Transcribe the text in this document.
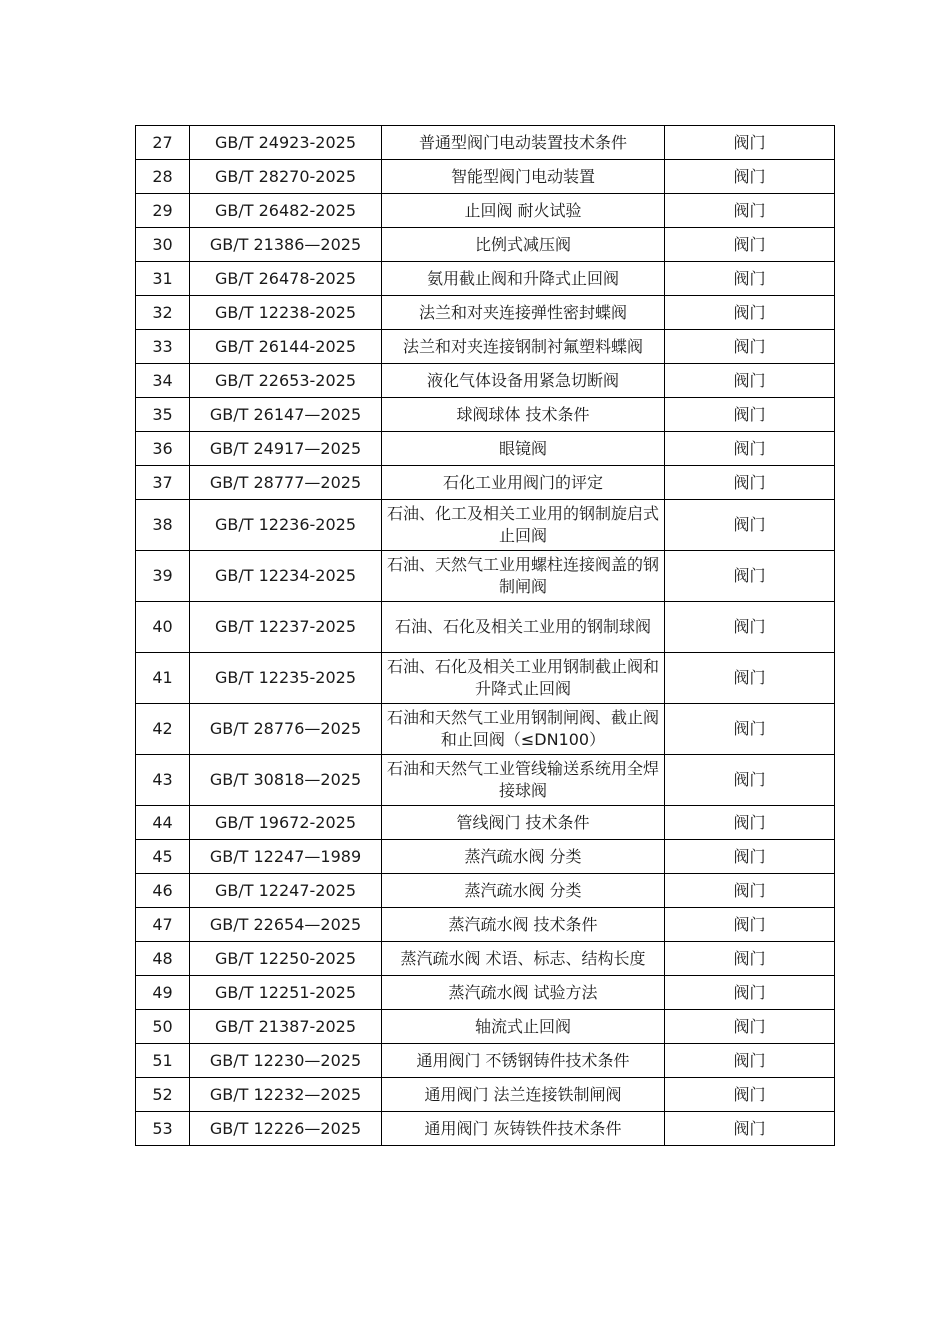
27	GB/T 24923-2025	普通型阀门电动装置技术条件	阀门
28	GB/T 28270-2025	智能型阀门电动装置	阀门
29	GB/T 26482-2025	止回阀 耐火试验	阀门
30	GB/T 21386—2025	比例式减压阀	阀门
31	GB/T 26478-2025	氨用截止阀和升降式止回阀	阀门
32	GB/T 12238-2025	法兰和对夹连接弹性密封蝶阀	阀门
33	GB/T 26144-2025	法兰和对夹连接钢制衬氟塑料蝶阀	阀门
34	GB/T 22653-2025	液化气体设备用紧急切断阀	阀门
35	GB/T 26147—2025	球阀球体 技术条件	阀门
36	GB/T 24917—2025	眼镜阀	阀门
37	GB/T 28777—2025	石化工业用阀门的评定	阀门
38	GB/T 12236-2025	石油、化工及相关工业用的钢制旋启式止回阀	阀门
39	GB/T 12234-2025	石油、天然气工业用螺柱连接阀盖的钢制闸阀	阀门
40	GB/T 12237-2025	石油、石化及相关工业用的钢制球阀	阀门
41	GB/T 12235-2025	石油、石化及相关工业用钢制截止阀和升降式止回阀	阀门
42	GB/T 28776—2025	石油和天然气工业用钢制闸阀、截止阀和止回阀（≤DN100）	阀门
43	GB/T 30818—2025	石油和天然气工业管线输送系统用全焊接球阀	阀门
44	GB/T 19672-2025	管线阀门 技术条件	阀门
45	GB/T 12247—1989	蒸汽疏水阀 分类	阀门
46	GB/T 12247-2025	蒸汽疏水阀 分类	阀门
47	GB/T 22654—2025	蒸汽疏水阀 技术条件	阀门
48	GB/T 12250-2025	蒸汽疏水阀 术语、标志、结构长度	阀门
49	GB/T 12251-2025	蒸汽疏水阀 试验方法	阀门
50	GB/T 21387-2025	轴流式止回阀	阀门
51	GB/T 12230—2025	通用阀门 不锈钢铸件技术条件	阀门
52	GB/T 12232—2025	通用阀门 法兰连接铁制闸阀	阀门
53	GB/T 12226—2025	通用阀门 灰铸铁件技术条件	阀门
